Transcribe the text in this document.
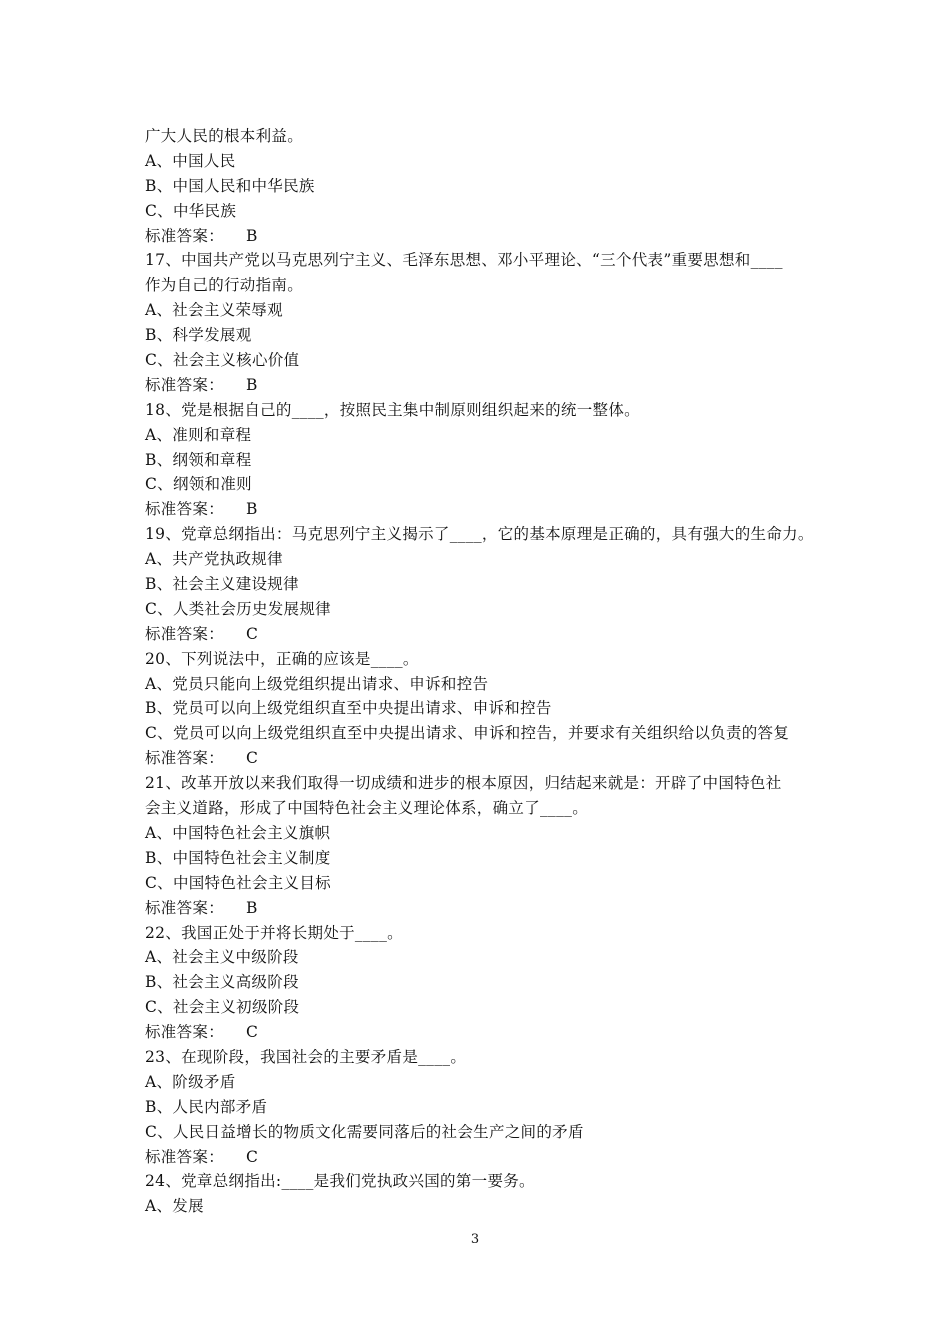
广大人民的根本利益。
A、中国人民
B、中国人民和中华民族
C、中华民族
标准答案： B
17、中国共产党以马克思列宁主义、毛泽东思想、邓小平理论、“三个代表”重要思想和____
作为自己的行动指南。
A、社会主义荣辱观
B、科学发展观
C、社会主义核心价值
标准答案： B
18、党是根据自己的____，按照民主集中制原则组织起来的统一整体。
A、准则和章程
B、纲领和章程
C、纲领和准则
标准答案： B
19、党章总纲指出：马克思列宁主义揭示了____，它的基本原理是正确的，具有强大的生命力。
A、共产党执政规律
B、社会主义建设规律
C、人类社会历史发展规律
标准答案： C
20、下列说法中，正确的应该是____。
A、党员只能向上级党组织提出请求、申诉和控告
B、党员可以向上级党组织直至中央提出请求、申诉和控告
C、党员可以向上级党组织直至中央提出请求、申诉和控告，并要求有关组织给以负责的答复
标准答案： C
21、改革开放以来我们取得一切成绩和进步的根本原因，归结起来就是：开辟了中国特色社
会主义道路，形成了中国特色社会主义理论体系，确立了____。
A、中国特色社会主义旗帜
B、中国特色社会主义制度
C、中国特色社会主义目标
标准答案： B
22、我国正处于并将长期处于____。
A、社会主义中级阶段
B、社会主义高级阶段
C、社会主义初级阶段
标准答案： C
23、在现阶段，我国社会的主要矛盾是____。
A、阶级矛盾
B、人民内部矛盾
C、人民日益增长的物质文化需要同落后的社会生产之间的矛盾
标准答案： C
24、党章总纲指出:____是我们党执政兴国的第一要务。
A、发展
3
